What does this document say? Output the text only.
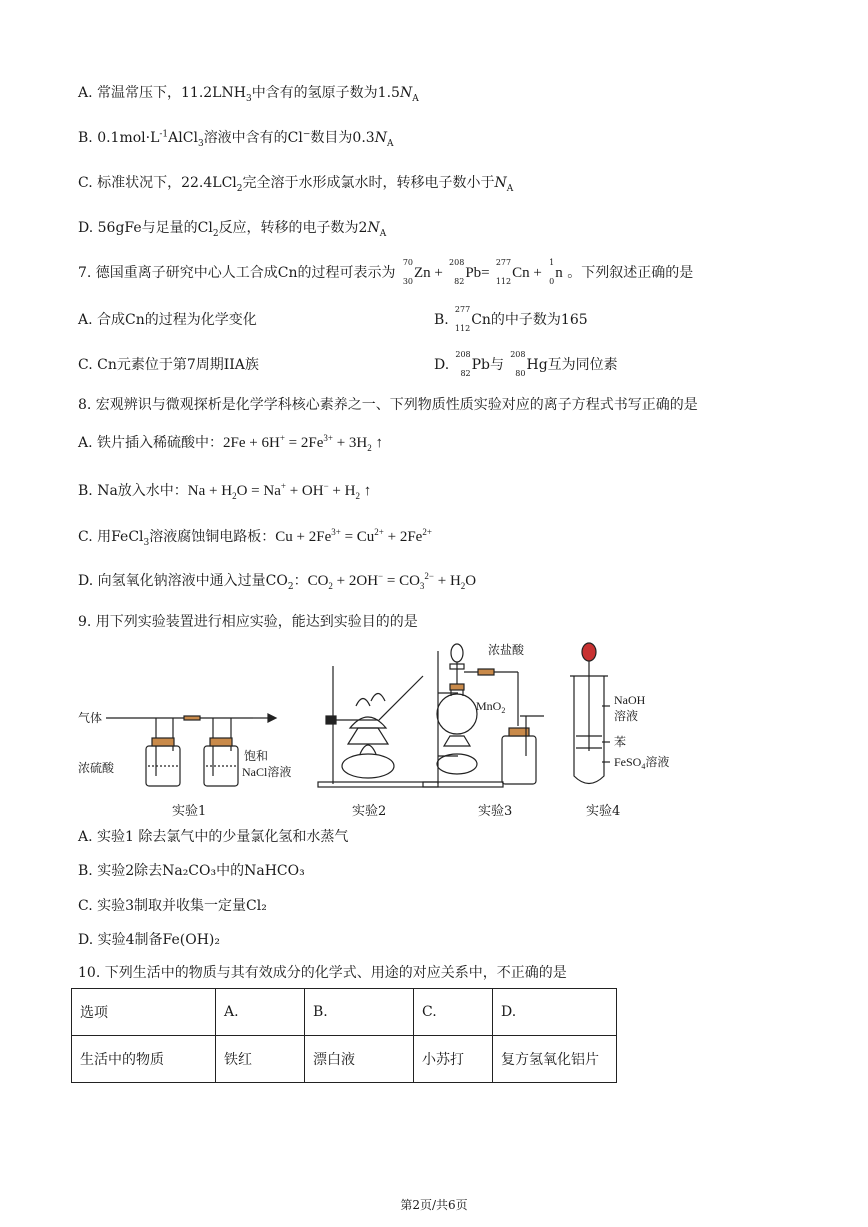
A. 常温常压下，$11.2LNH_3$中含有的氢原子数为$1.5N_A$
B. $0.1mol\cdot L^{-1}AlCl_3$溶液中含有的Cl−数目为$0.3N_A$
C. 标准状况下，22.4LCl$_2$完全溶于水形成氯水时，转移电子数小于$N_A$
D. 56gFe与足量的$Cl_2$反应，转移的电子数为$2N_A$
7. 德国重离子研究中心人工合成Cn的过程可表示为
70
30
Zn +
208
82
Pb=
277
112
Cn +
1
0
n 。下列叙述正确的是
A. 合成Cn的过程为化学变化	B.
277
112
Cn的中子数为165
C. Cn元素位于第7周期IIA族	D.
208
82
Pb与
208
80
Hg互为同位素
8. 宏观辨识与微观探析是化学学科核心素养之一、下列物质性质实验对应的离子方程式书写正确的是
A. 铁片插入稀硫酸中：$2Fe + 6H^+ = 2Fe^{3+} + 3H_2$ ↑
B. Na放入水中：$Na + H_2O = Na^+ + OH^- + H_2$ ↑
C. 用FeCl$_3$溶液腐蚀铜电路板：$Cu + 2Fe^{3+} = Cu^{2+} + 2Fe^{2+}$
D. 向氢氧化钠溶液中通入过量$CO_2$：$CO_2 + 2OH^- = CO_3^{2-} + H_2O$
9. 用下列实验装置进行相应实验，能达到实验目的的是
气体
浓硫酸
饱和
NaCl溶液
浓盐酸
MnO$_2$
NaOH
溶液
苯
FeSO$_4$溶液
实验1	实验2	实验3	实验4
A. 实验1 除去氯气中的少量氯化氢和水蒸气
B. 实验2除去Na₂CO₃中的NaHCO₃
C. 实验3制取并收集一定量Cl₂
D. 实验4制备Fe(OH)₂
10. 下列生活中的物质与其有效成分的化学式、用途的对应关系中，不正确的是
选项	A.	B.	C.	D.
生活中的物质	铁红	漂白液	小苏打	复方氢氧化铝片
第2页/共6页
